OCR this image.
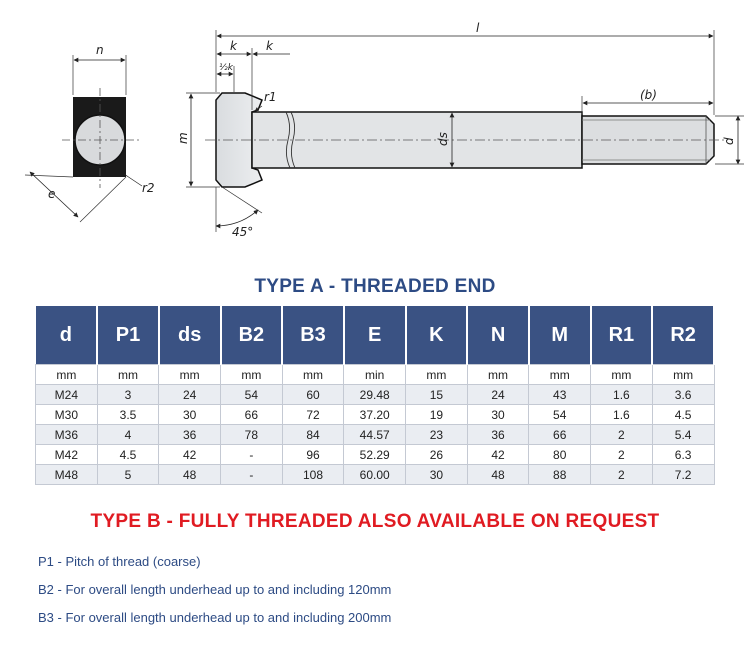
n
e	r2
l
k k
½k
r1	(b)
m	ds	d
45°
TYPE A - THREADED END
d	P1	ds	B2	B3	E	K	N	M	R1	R2
mm	mm	mm	mm	mm	min	mm	mm	mm	mm	mm
M24	3	24	54	60	29.48	15	24	43	1.6	3.6
M30	3.5	30	66	72	37.20	19	30	54	1.6	4.5
M36	4	36	78	84	44.57	23	36	66	2	5.4
M42	4.5	42	-	96	52.29	26	42	80	2	6.3
M48	5	48	-	108	60.00	30	48	88	2	7.2
TYPE B - FULLY THREADED ALSO AVAILABLE ON REQUEST
P1 - Pitch of thread (coarse)
B2 - For overall length underhead up to and including 120mm
B3 - For overall length underhead up to and including 200mm
